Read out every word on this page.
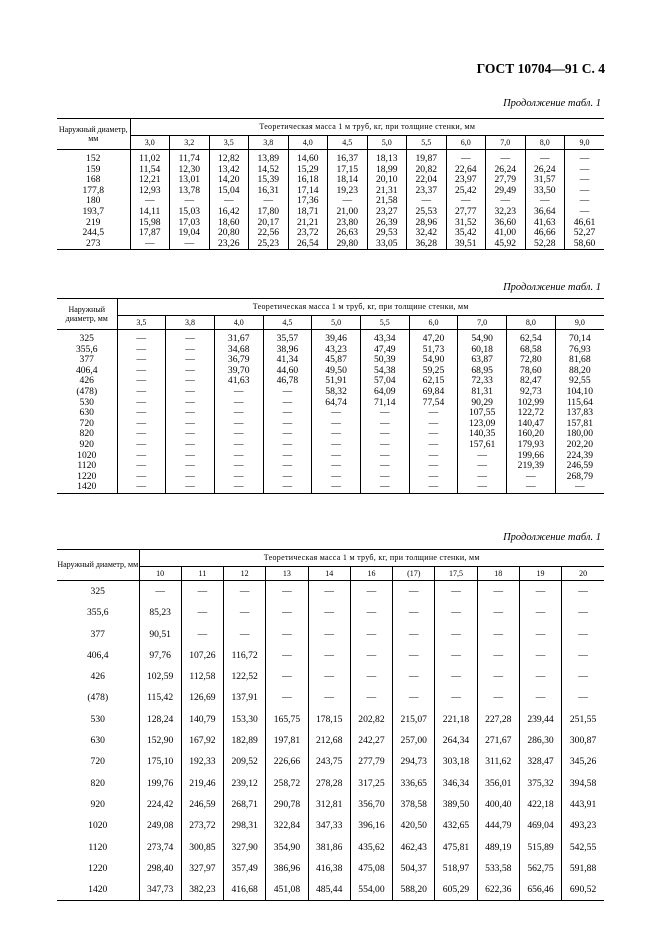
ГОСТ 10704—91 С. 4
Продолжение табл. 1
Наружный диаметр, мм	Теоретическая масса 1 м труб, кг, при толщине стенки, мм											
	3,0	3,2	3,5	3,8	4,0	4,5	5,0	5,5	6,0	7,0	8,0	9,0
152	11,02	11,74	12,82	13,89	14,60	16,37	18,13	19,87	—	—	—	—
159	11,54	12,30	13,42	14,52	15,29	17,15	18,99	20,82	22,64	26,24	26,24	—
168	12,21	13,01	14,20	15,39	16,18	18,14	20,10	22,04	23,97	27,79	31,57	—
177,8	12,93	13,78	15,04	16,31	17,14	19,23	21,31	23,37	25,42	29,49	33,50	—
180	—	—	—	—	17,36	—	21,58	—	—	—	—	—
193,7	14,11	15,03	16,42	17,80	18,71	21,00	23,27	25,53	27,77	32,23	36,64	—
219	15,98	17,03	18,60	20,17	21,21	23,80	26,39	28,96	31,52	36,60	41,63	46,61
244,5	17,87	19,04	20,80	22,56	23,72	26,63	29,53	32,42	35,42	41,00	46,66	52,27
273	—	—	23,26	25,23	26,54	29,80	33,05	36,28	39,51	45,92	52,28	58,60
Продолжение табл. 1
Наружный диаметр, мм	Теоретическая масса 1 м труб, кг, при толщине стенки, мм									
	3,5	3,8	4,0	4,5	5,0	5,5	6,0	7,0	8,0	9,0
325	—	—	31,67	35,57	39,46	43,34	47,20	54,90	62,54	70,14
355,6	—	—	34,68	38,96	43,23	47,49	51,73	60,18	68,58	76,93
377	—	—	36,79	41,34	45,87	50,39	54,90	63,87	72,80	81,68
406,4	—	—	39,70	44,60	49,50	54,38	59,25	68,95	78,60	88,20
426	—	—	41,63	46,78	51,91	57,04	62,15	72,33	82,47	92,55
(478)	—	—	—	—	58,32	64,09	69,84	81,31	92,73	104,10
530	—	—	—	—	64,74	71,14	77,54	90,29	102,99	115,64
630	—	—	—	—	—	—	—	107,55	122,72	137,83
720	—	—	—	—	—	—	—	123,09	140,47	157,81
820	—	—	—	—	—	—	—	140,35	160,20	180,00
920	—	—	—	—	—	—	—	157,61	179,93	202,20
1020	—	—	—	—	—	—	—	—	199,66	224,39
1120	—	—	—	—	—	—	—	—	219,39	246,59
1220	—	—	—	—	—	—	—	—	—	268,79
1420	—	—	—	—	—	—	—	—	—	—
Продолжение табл. 1
Наружный диаметр, мм	Теоретическая масса 1 м труб, кг, при толщине стенки, мм										
	10	11	12	13	14	16	(17)	17,5	18	19	20
325	—	—	—	—	—	—	—	—	—	—	—
355,6	85,23	—	—	—	—	—	—	—	—	—	—
377	90,51	—	—	—	—	—	—	—	—	—	—
406,4	97,76	107,26	116,72	—	—	—	—	—	—	—	—
426	102,59	112,58	122,52	—	—	—	—	—	—	—	—
(478)	115,42	126,69	137,91	—	—	—	—	—	—	—	—
530	128,24	140,79	153,30	165,75	178,15	202,82	215,07	221,18	227,28	239,44	251,55
630	152,90	167,92	182,89	197,81	212,68	242,27	257,00	264,34	271,67	286,30	300,87
720	175,10	192,33	209,52	226,66	243,75	277,79	294,73	303,18	311,62	328,47	345,26
820	199,76	219,46	239,12	258,72	278,28	317,25	336,65	346,34	356,01	375,32	394,58
920	224,42	246,59	268,71	290,78	312,81	356,70	378,58	389,50	400,40	422,18	443,91
1020	249,08	273,72	298,31	322,84	347,33	396,16	420,50	432,65	444,79	469,04	493,23
1120	273,74	300,85	327,90	354,90	381,86	435,62	462,43	475,81	489,19	515,89	542,55
1220	298,40	327,97	357,49	386,96	416,38	475,08	504,37	518,97	533,58	562,75	591,88
1420	347,73	382,23	416,68	451,08	485,44	554,00	588,20	605,29	622,36	656,46	690,52
